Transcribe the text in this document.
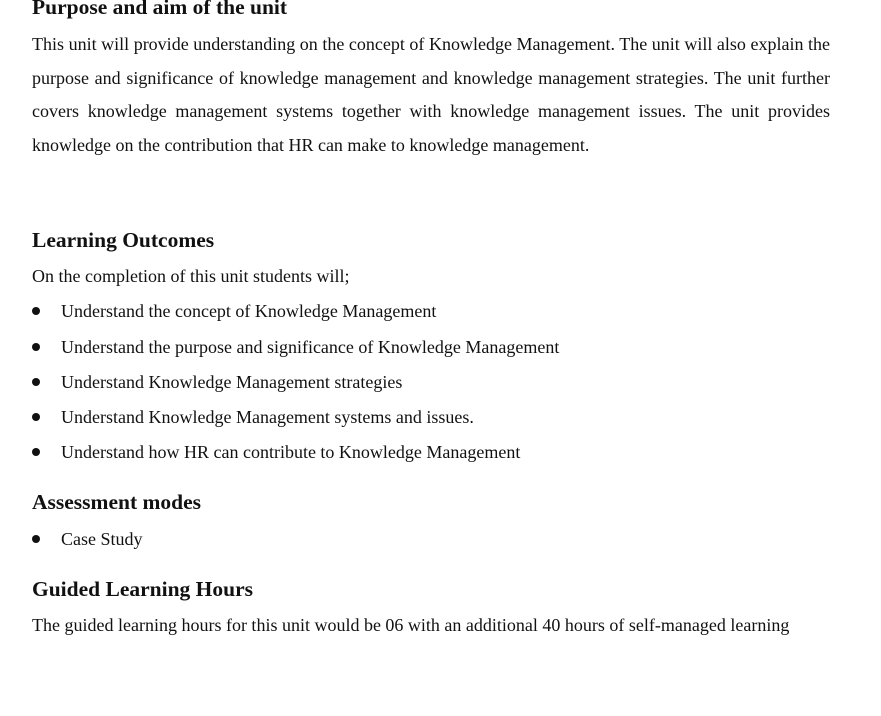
Purpose and aim of the unit

This unit will provide understanding on the concept of Knowledge Management. The unit will also explain the purpose and significance of knowledge management and knowledge management strategies. The unit further covers knowledge management systems together with knowledge management issues. The unit provides knowledge on the contribution that HR can make to knowledge management.

Learning Outcomes

On the completion of this unit students will;

Understand the concept of Knowledge Management
Understand the purpose and significance of Knowledge Management
Understand Knowledge Management strategies
Understand Knowledge Management systems and issues.
Understand how HR can contribute to Knowledge Management
Assessment modes
Case Study
Guided Learning Hours

The guided learning hours for this unit would be 06 with an additional 40 hours of self-managed learning
